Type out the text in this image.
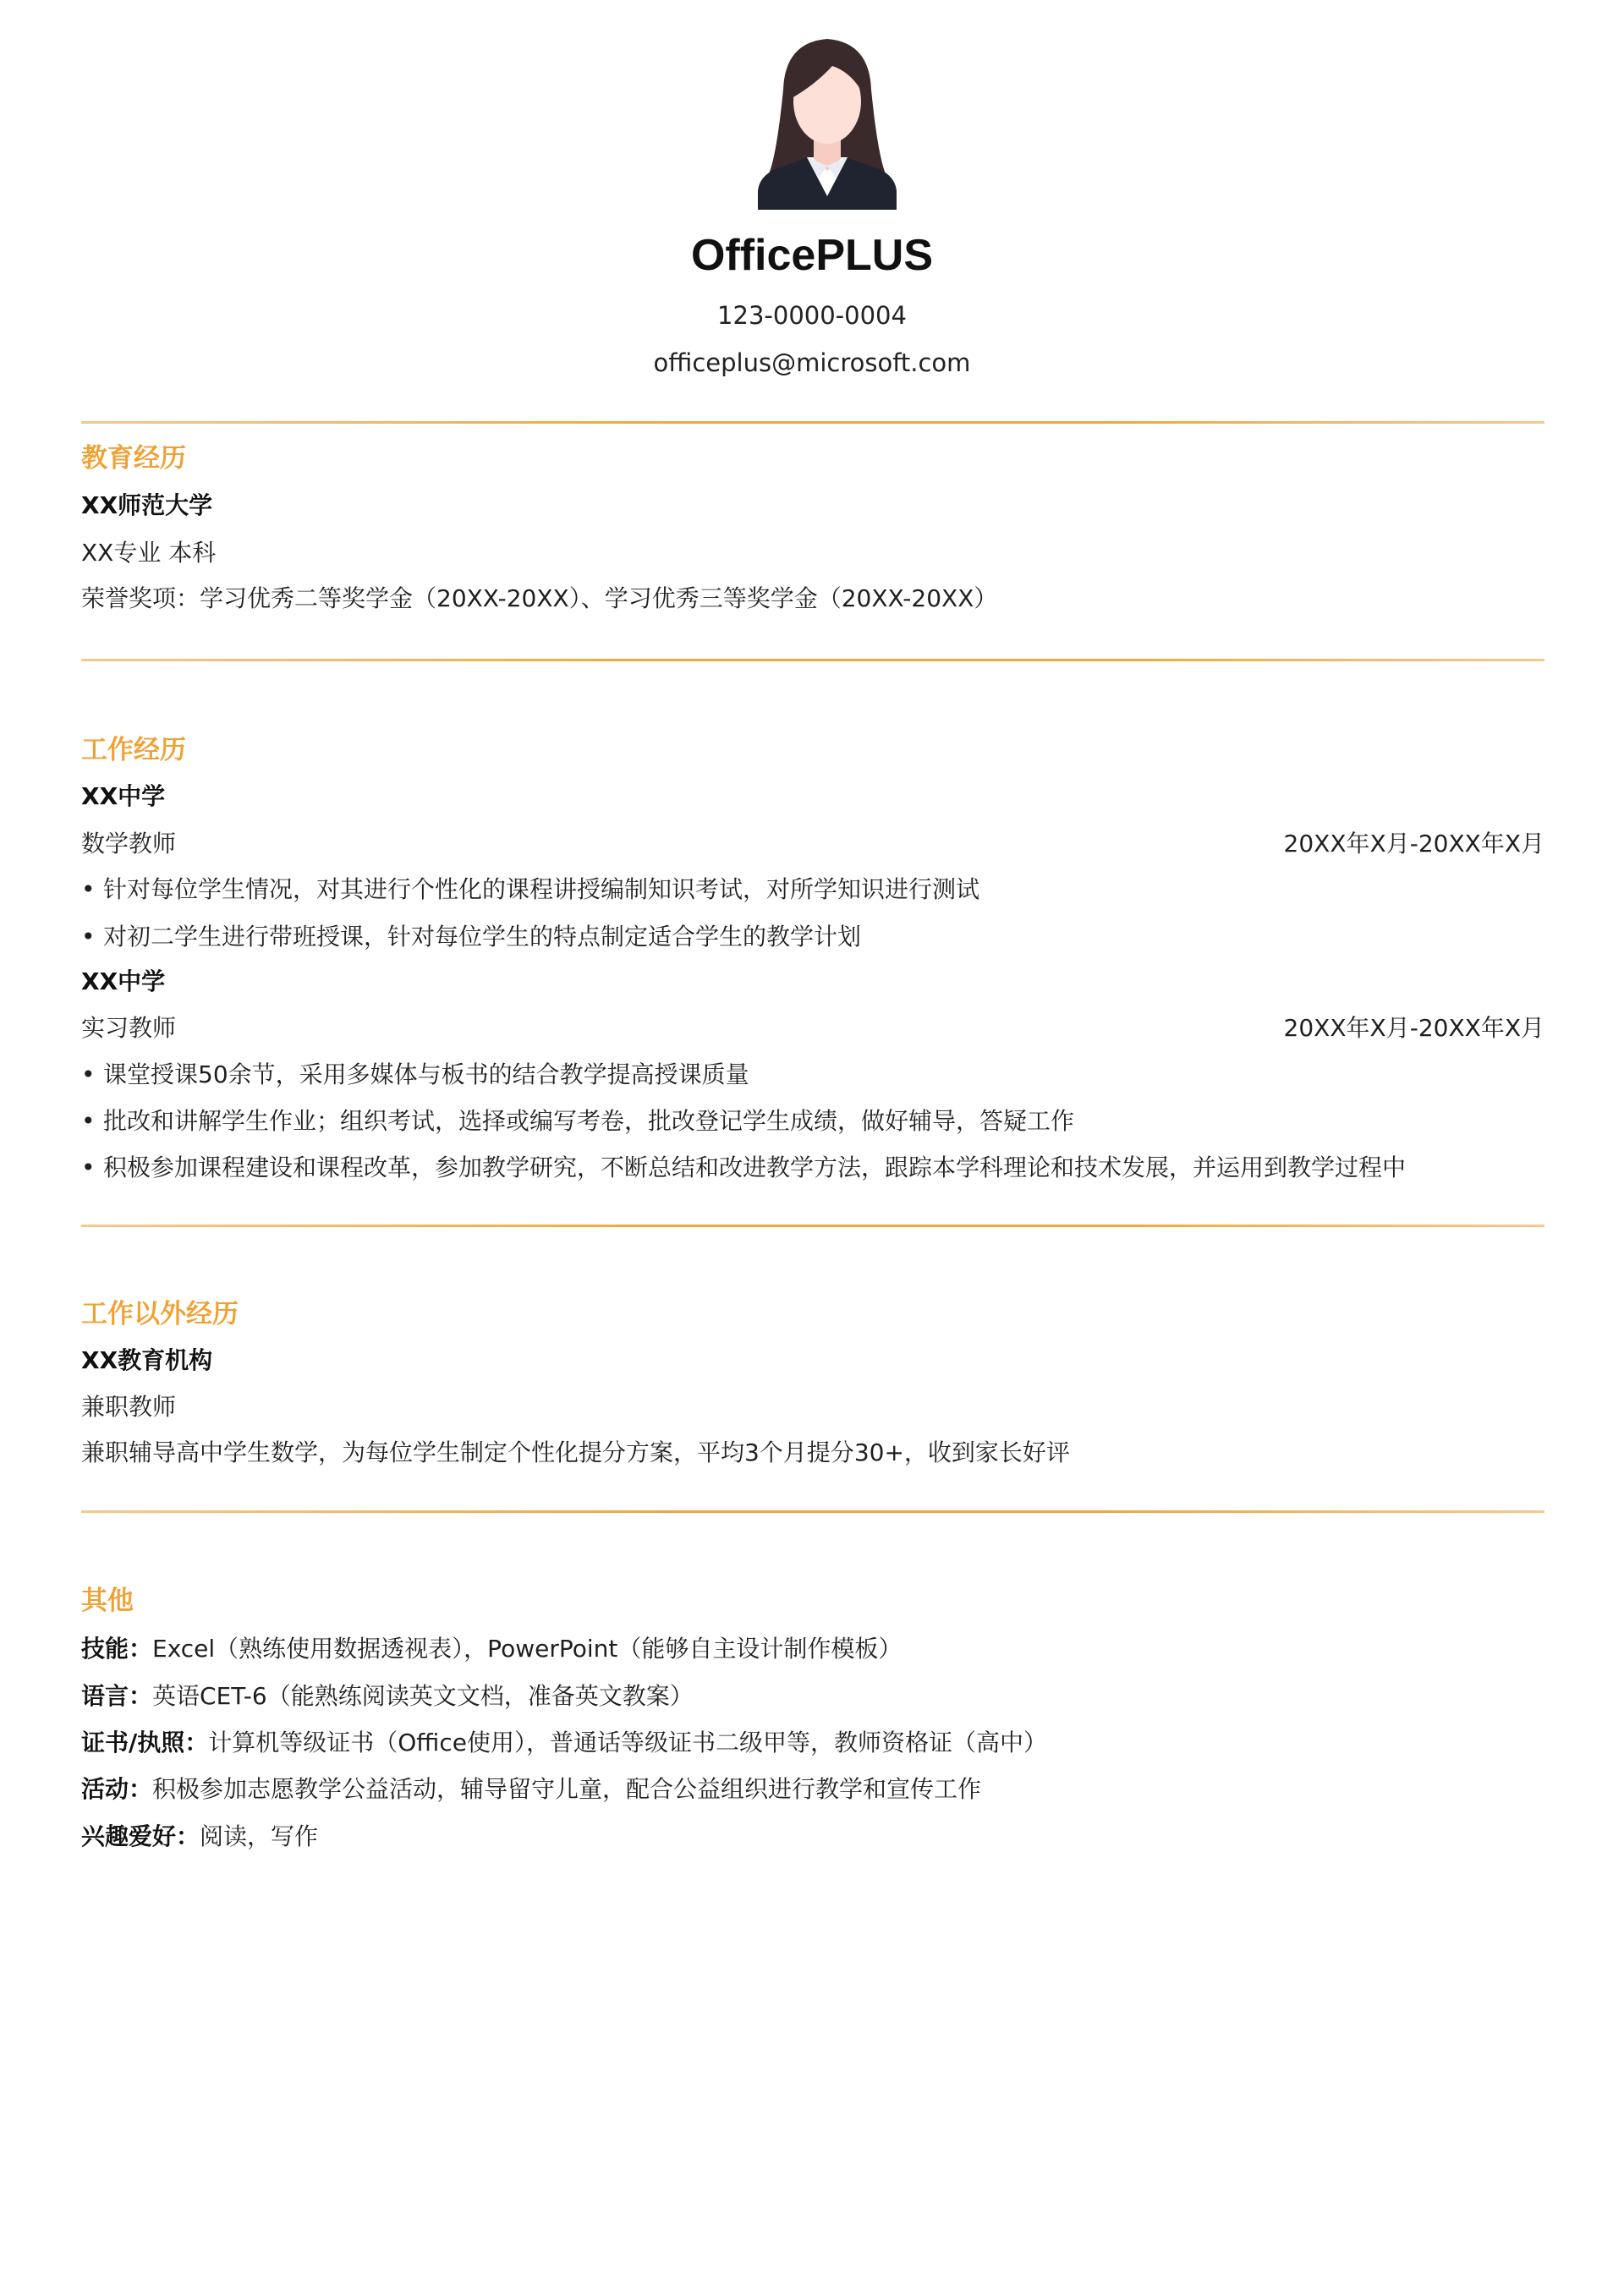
OfficePLUS
123-0000-0004
officeplus@microsoft.com
教育经历
XX师范大学
XX专业 本科
荣誉奖项：学习优秀二等奖学金（20XX-20XX）、学习优秀三等奖学金（20XX-20XX）
工作经历
XX中学
数学教师	20XX年X月-20XX年X月
• 针对每位学生情况，对其进行个性化的课程讲授编制知识考试，对所学知识进行测试
• 对初二学生进行带班授课，针对每位学生的特点制定适合学生的教学计划
XX中学
实习教师	20XX年X月-20XX年X月
• 课堂授课50余节，采用多媒体与板书的结合教学提高授课质量
• 批改和讲解学生作业；组织考试，选择或编写考卷，批改登记学生成绩，做好辅导，答疑工作
• 积极参加课程建设和课程改革，参加教学研究，不断总结和改进教学方法，跟踪本学科理论和技术发展，并运用到教学过程中
工作以外经历
XX教育机构
兼职教师
兼职辅导高中学生数学，为每位学生制定个性化提分方案，平均3个月提分30+，收到家长好评
其他
技能：Excel（熟练使用数据透视表），PowerPoint（能够自主设计制作模板）
语言：英语CET-6（能熟练阅读英文文档，准备英文教案）
证书/执照：计算机等级证书（Office使用），普通话等级证书二级甲等，教师资格证（高中）
活动：积极参加志愿教学公益活动，辅导留守儿童，配合公益组织进行教学和宣传工作
兴趣爱好：阅读，写作
